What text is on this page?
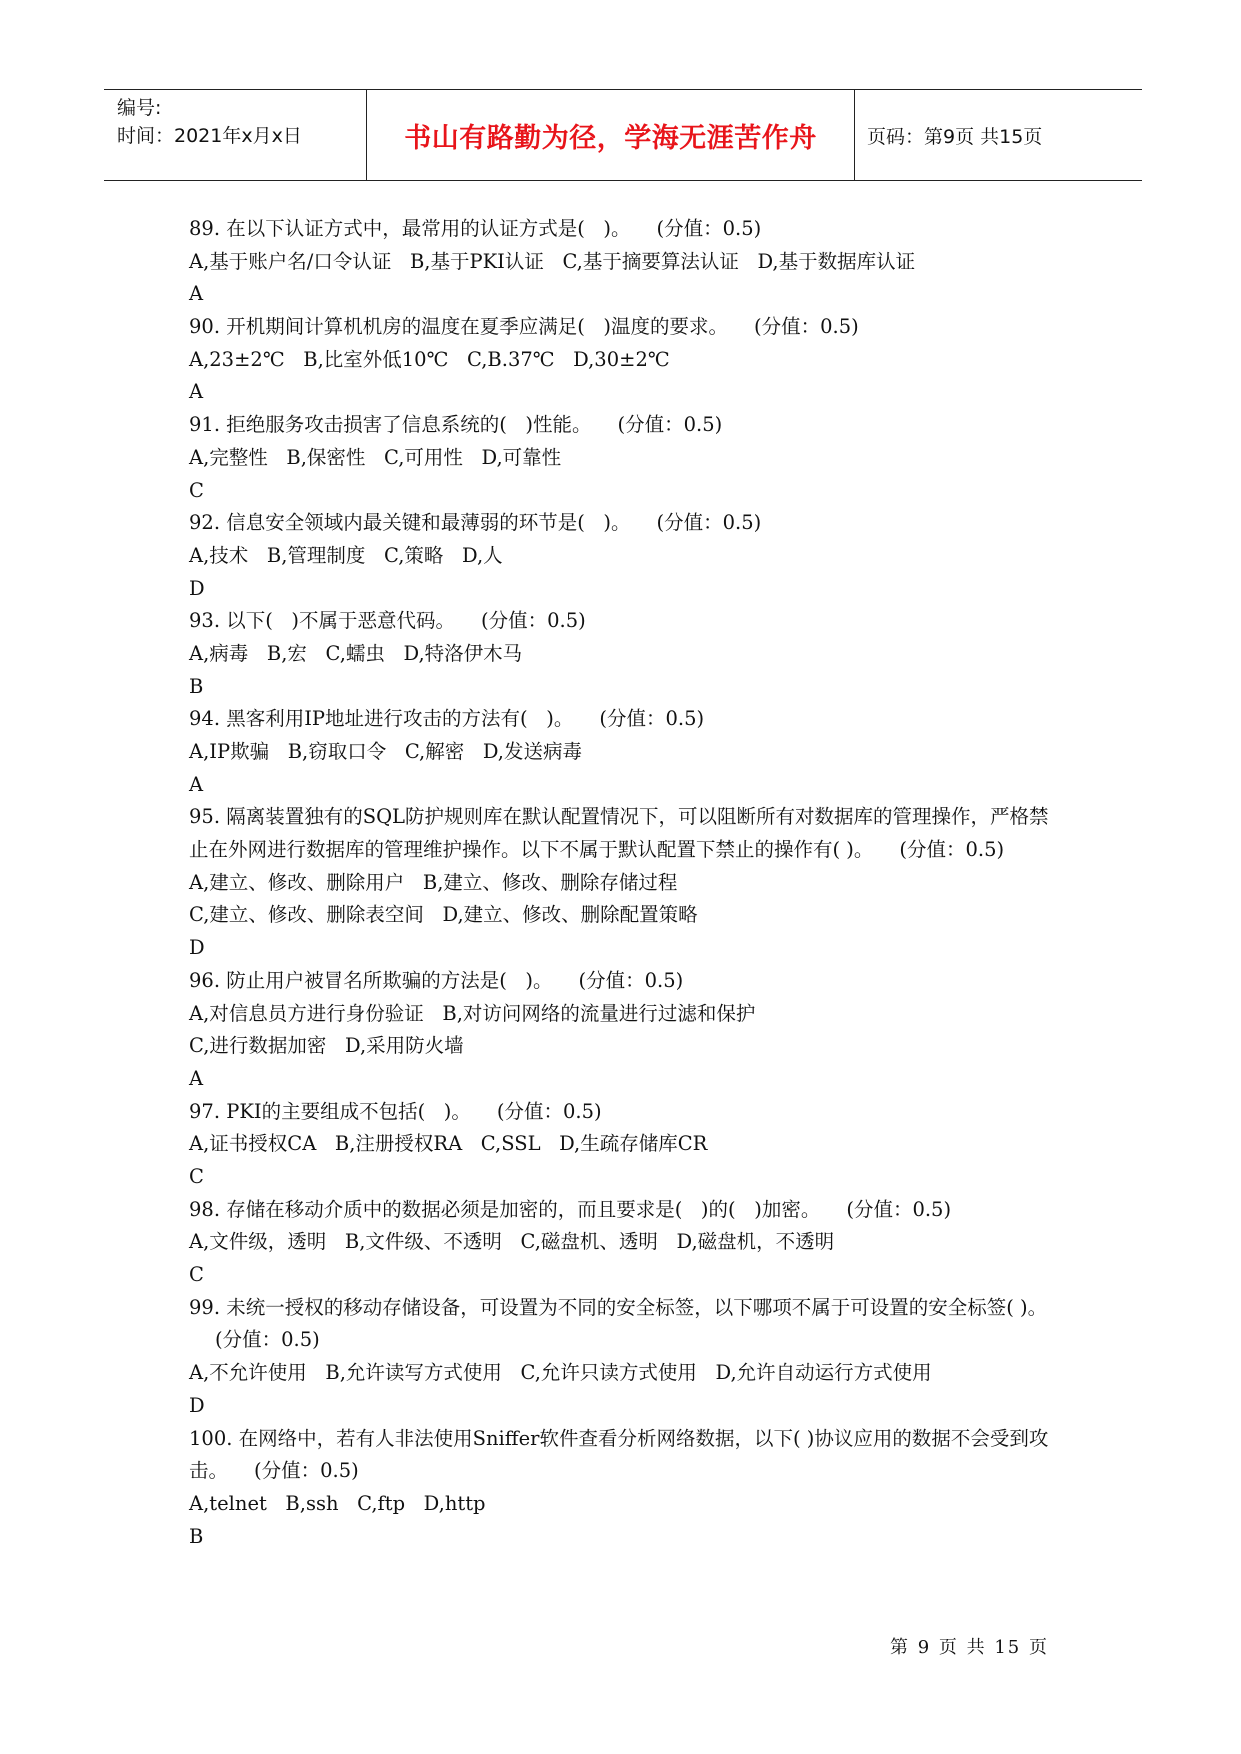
编号:
时间：2021年x月x日	书山有路勤为径，学海无涯苦作舟	页码：第9页 共15页
89. 在以下认证方式中，最常用的认证方式是(   )。 (分值：0.5)
A,基于账户名/口令认证   B,基于PKI认证   C,基于摘要算法认证   D,基于数据库认证
A
90. 开机期间计算机机房的温度在夏季应满足(   )温度的要求。 (分值：0.5)
A,23±2℃   B,比室外低10℃   C,B.37℃   D,30±2℃
A
91. 拒绝服务攻击损害了信息系统的(   )性能。 (分值：0.5)
A,完整性   B,保密性   C,可用性   D,可靠性
C
92. 信息安全领域内最关键和最薄弱的环节是(   )。 (分值：0.5)
A,技术   B,管理制度   C,策略   D,人
D
93. 以下(   )不属于恶意代码。 (分值：0.5)
A,病毒   B,宏   C,蠕虫   D,特洛伊木马
B
94. 黑客利用IP地址进行攻击的方法有(   )。 (分值：0.5)
A,IP欺骗   B,窃取口令   C,解密   D,发送病毒
A
95. 隔离装置独有的SQL防护规则库在默认配置情况下，可以阻断所有对数据库的管理操作，严格禁止在外网进行数据库的管理维护操作。以下不属于默认配置下禁止的操作有( )。 (分值：0.5)
A,建立、修改、删除用户   B,建立、修改、删除存储过程
C,建立、修改、删除表空间   D,建立、修改、删除配置策略
D
96. 防止用户被冒名所欺骗的方法是(   )。 (分值：0.5)
A,对信息员方进行身份验证   B,对访问网络的流量进行过滤和保护
C,进行数据加密   D,采用防火墙
A
97. PKI的主要组成不包括(   )。 (分值：0.5)
A,证书授权CA   B,注册授权RA   C,SSL   D,生疏存储库CR
C
98. 存储在移动介质中的数据必须是加密的，而且要求是(   )的(   )加密。 (分值：0.5)
A,文件级，透明   B,文件级、不透明   C,磁盘机、透明   D,磁盘机，不透明
C
99. 未统一授权的移动存储设备，可设置为不同的安全标签，以下哪项不属于可设置的安全标签( )。(分值：0.5)
A,不允许使用   B,允许读写方式使用   C,允许只读方式使用   D,允许自动运行方式使用
D
100. 在网络中，若有人非法使用Sniffer软件查看分析网络数据，以下( )协议应用的数据不会受到攻击。 (分值：0.5)
A,telnet   B,ssh   C,ftp   D,http
B
第 9 页 共 15 页
